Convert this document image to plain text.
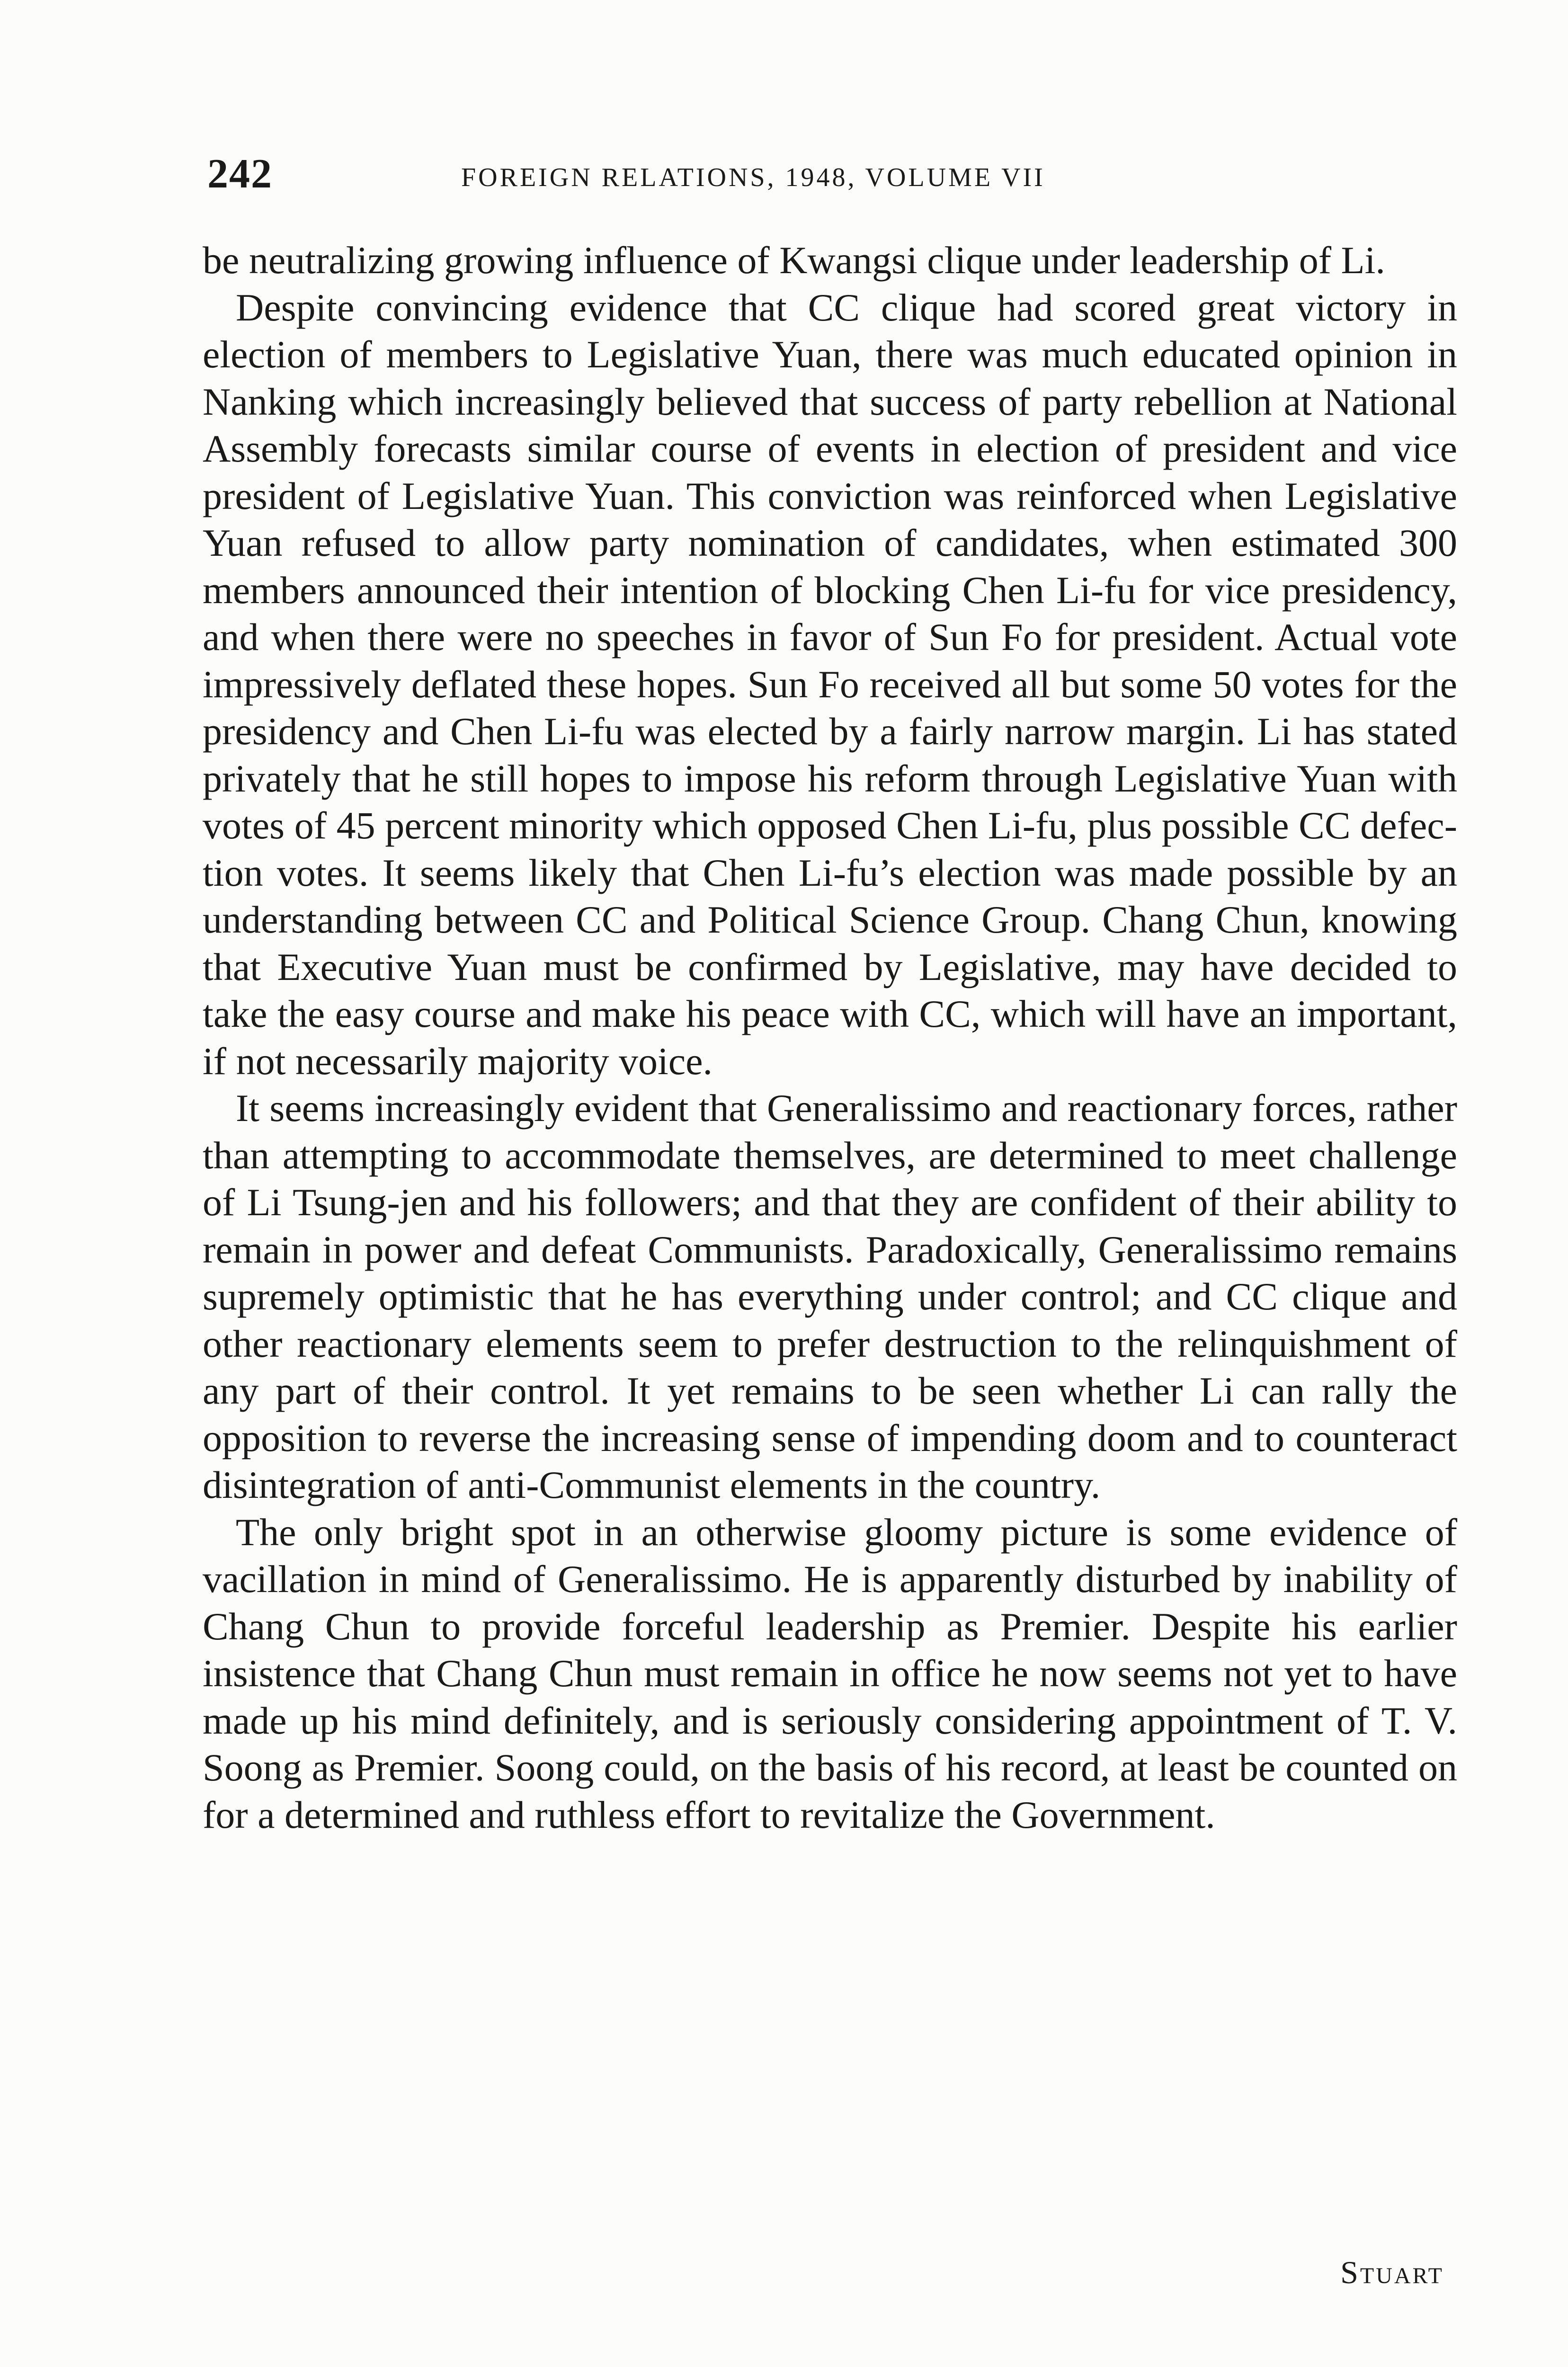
242	FOREIGN RELATIONS, 1948, VOLUME VII

be neutralizing growing influence of Kwangsi clique under leadership of Li.

Despite convincing evidence that CC clique had scored great victory in election of members to Legislative Yuan, there was much educated opinion in Nanking which increasingly believed that success of party rebellion at National Assembly forecasts similar course of events in election of president and vice president of Legislative Yuan. This conviction was reinforced when Legislative Yuan refused to allow party nomination of candidates, when estimated 300 members announced their intention of blocking Chen Li-fu for vice presidency, and when there were no speeches in favor of Sun Fo for president. Actual vote impressively deflated these hopes. Sun Fo received all but some 50 votes for the presidency and Chen Li-fu was elected by a fairly narrow margin. Li has stated privately that he still hopes to impose his reform through Legislative Yuan with votes of 45 percent minority which opposed Chen Li-fu, plus possible CC defection votes. It seems likely that Chen Li-fu’s election was made possible by an understanding between CC and Political Science Group. Chang Chun, knowing that Executive Yuan must be confirmed by Legislative, may have decided to take the easy course and make his peace with CC, which will have an important, if not necessarily majority voice.

It seems increasingly evident that Generalissimo and reactionary forces, rather than attempting to accommodate themselves, are determined to meet challenge of Li Tsung-jen and his followers; and that they are confident of their ability to remain in power and defeat Communists. Paradoxically, Generalissimo remains supremely optimistic that he has everything under control; and CC clique and other reactionary elements seem to prefer destruction to the relinquishment of any part of their control. It yet remains to be seen whether Li can rally the opposition to reverse the increasing sense of impending doom and to counteract disintegration of anti-Communist elements in the country.

The only bright spot in an otherwise gloomy picture is some evidence of vacillation in mind of Generalissimo. He is apparently disturbed by inability of Chang Chun to provide forceful leadership as Premier. Despite his earlier insistence that Chang Chun must remain in office he now seems not yet to have made up his mind definitely, and is seriously considering appointment of T. V. Soong as Premier. Soong could, on the basis of his record, at least be counted on for a determined and ruthless effort to revitalize the Government.

Stuart
